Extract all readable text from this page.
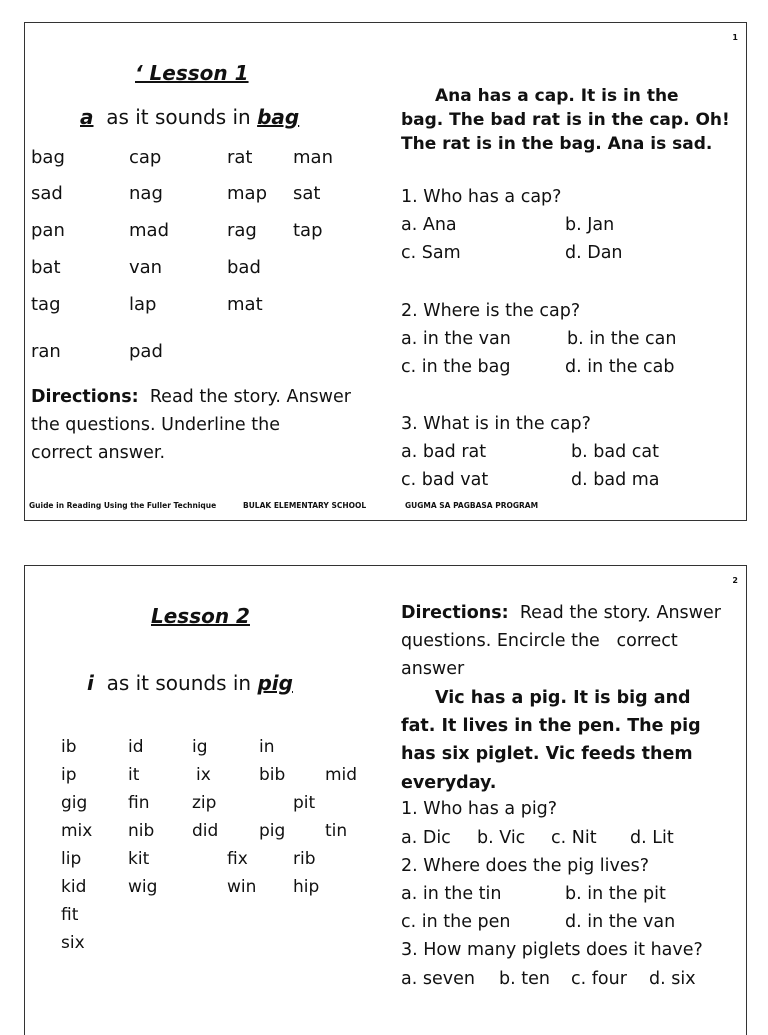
1
‘ Lesson 1
a as it sounds in bag
bag	cap	rat man
sad	nag	map sat
pan	mad	rag tap
bat	van	bad
tag	lap	mat
ran	pad
Directions: Read the story. Answer
the questions. Underline the
correct answer.
Ana has a cap. It is in the
bag. The bad rat is in the cap. Oh!
The rat is in the bag. Ana is sad.
1. Who has a cap?
a. Ana	b. Jan
c. Sam	d. Dan
2. Where is the cap?
a. in the van	b. in the can
c. in the bag	d. in the cab
3. What is in the cap?
a. bad rat	b. bad cat
c. bad vat	d. bad ma
Guide in Reading Using the Fuller Technique	BULAK ELEMENTARY SCHOOL	GUGMA SA PAGBASA PROGRAM
2
Lesson 2
i as it sounds in pig
ib	id	ig	in
ip	it	ix	bib mid
gig fin	zip	pit
mix nib did pig tin
lip	kit	fix	rib
kid wig	win hip
fit
six
Directions: Read the story. Answer
questions. Encircle the   correct
answer
Vic has a pig. It is big and
fat. It lives in the pen. The pig
has six piglet. Vic feeds them
everyday.
1. Who has a pig?
a. Dic b. Vic c. Nit d. Lit
2. Where does the pig lives?
a. in the tin	b. in the pit
c. in the pen	d. in the van
3. How many piglets does it have?
a. seven b. ten c. four d. six
